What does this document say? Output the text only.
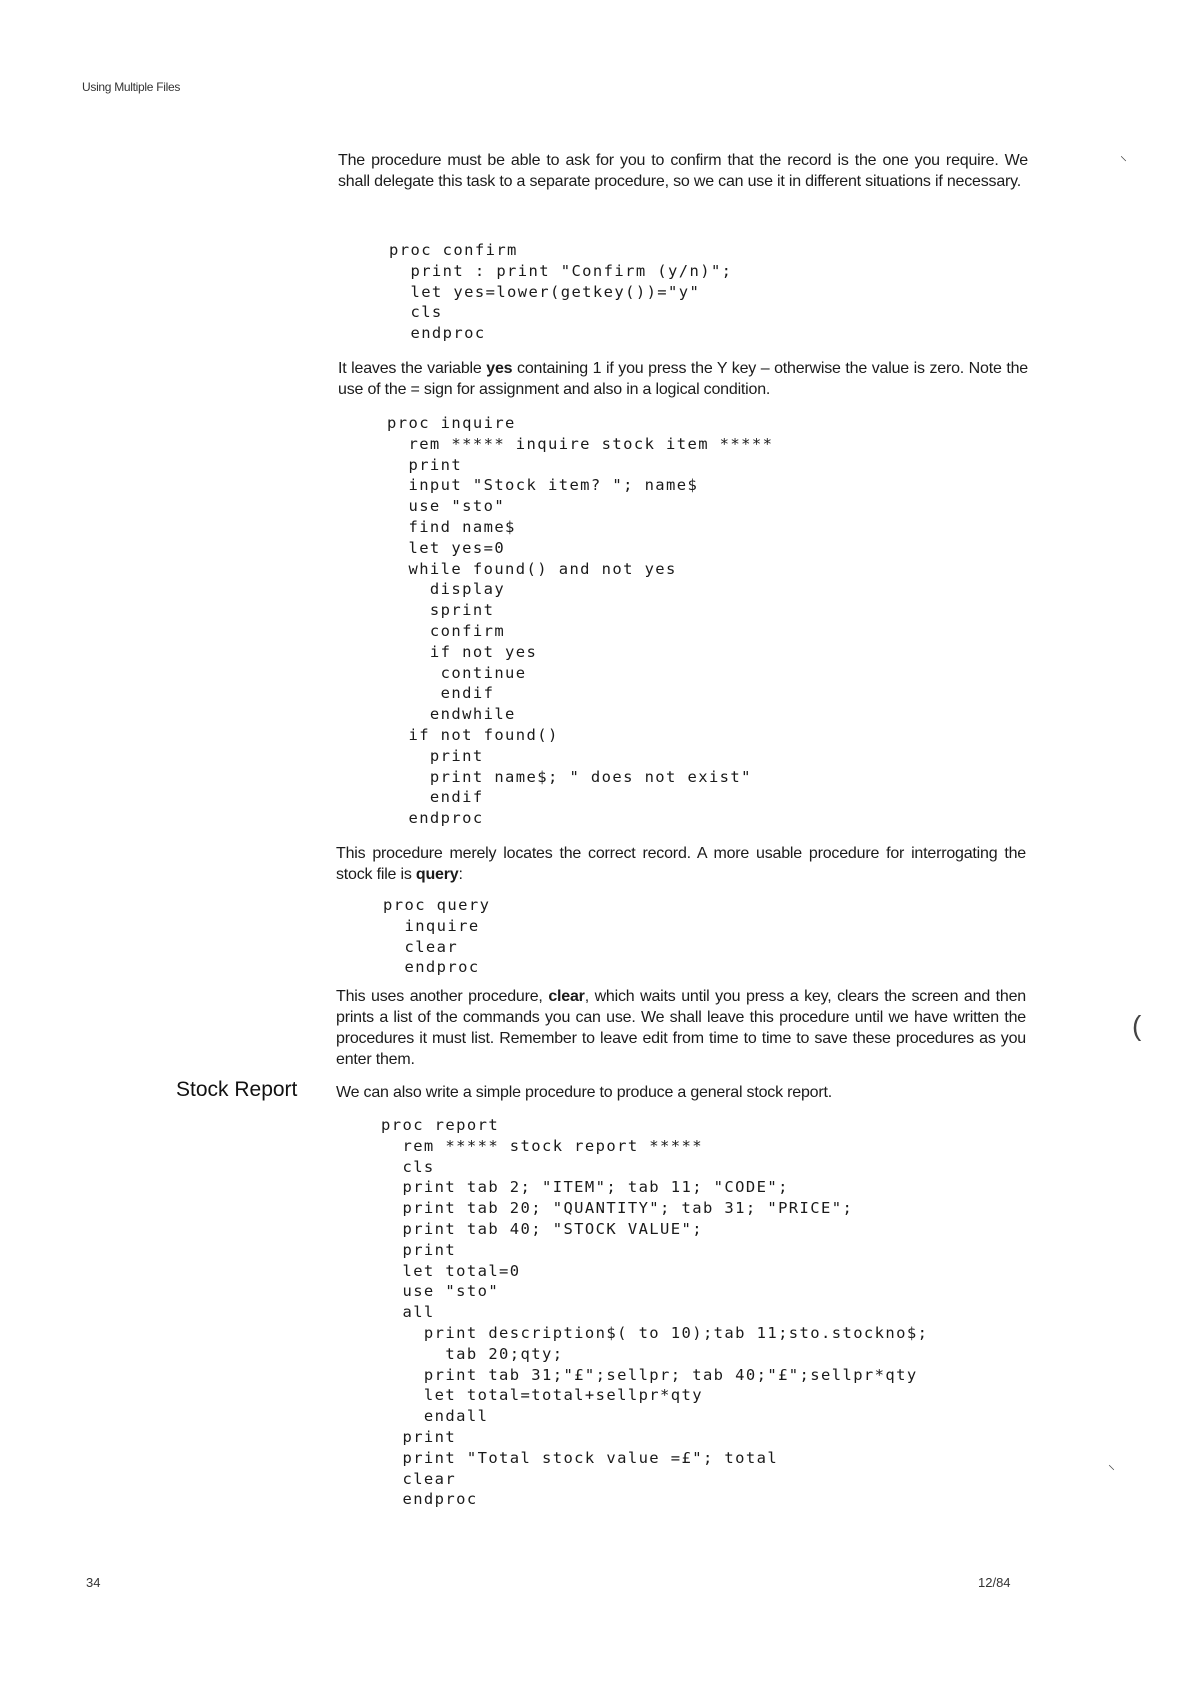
Using Multiple Files

The procedure must be able to ask for you to confirm that the record is the one you require. We shall delegate this task to a separate procedure, so we can use it in different situations if necessary.

proc confirm
print : print "Confirm (y/n)";
let yes=lower(getkey())="y"
cls
endproc

It leaves the variable yes containing 1 if you press the Y key – otherwise the value is zero. Note the use of the = sign for assignment and also in a logical condition.

proc inquire
rem ***** inquire stock item *****
print
input "Stock item? "; name$
use "sto"
find name$
let yes=0
while found() and not yes
display
sprint
confirm
if not yes
continue
endif
endwhile
if not found()
print
print name$; " does not exist"
endif
endproc

This procedure merely locates the correct record. A more usable procedure for interrogating the stock file is query:

proc query
inquire
clear
endproc

This uses another procedure, clear, which waits until you press a key, clears the screen and then prints a list of the commands you can use. We shall leave this procedure until we have written the procedures it must list. Remember to leave edit from time to time to save these procedures as you enter them.

Stock Report We can also write a simple procedure to produce a general stock report.

proc report
rem ***** stock report *****
cls
print tab 2; "ITEM"; tab 11; "CODE";
print tab 20; "QUANTITY"; tab 31; "PRICE";
print tab 40; "STOCK VALUE";
print
let total=0
use "sto"
all
print description$( to 10);tab 11;sto.stockno$;
tab 20;qty;
print tab 31;"£";sellpr; tab 40;"£";sellpr*qty
let total=total+sellpr*qty
endall
print
print "Total stock value =£"; total
clear
endproc
34	12/84
⸌
(
⸜
